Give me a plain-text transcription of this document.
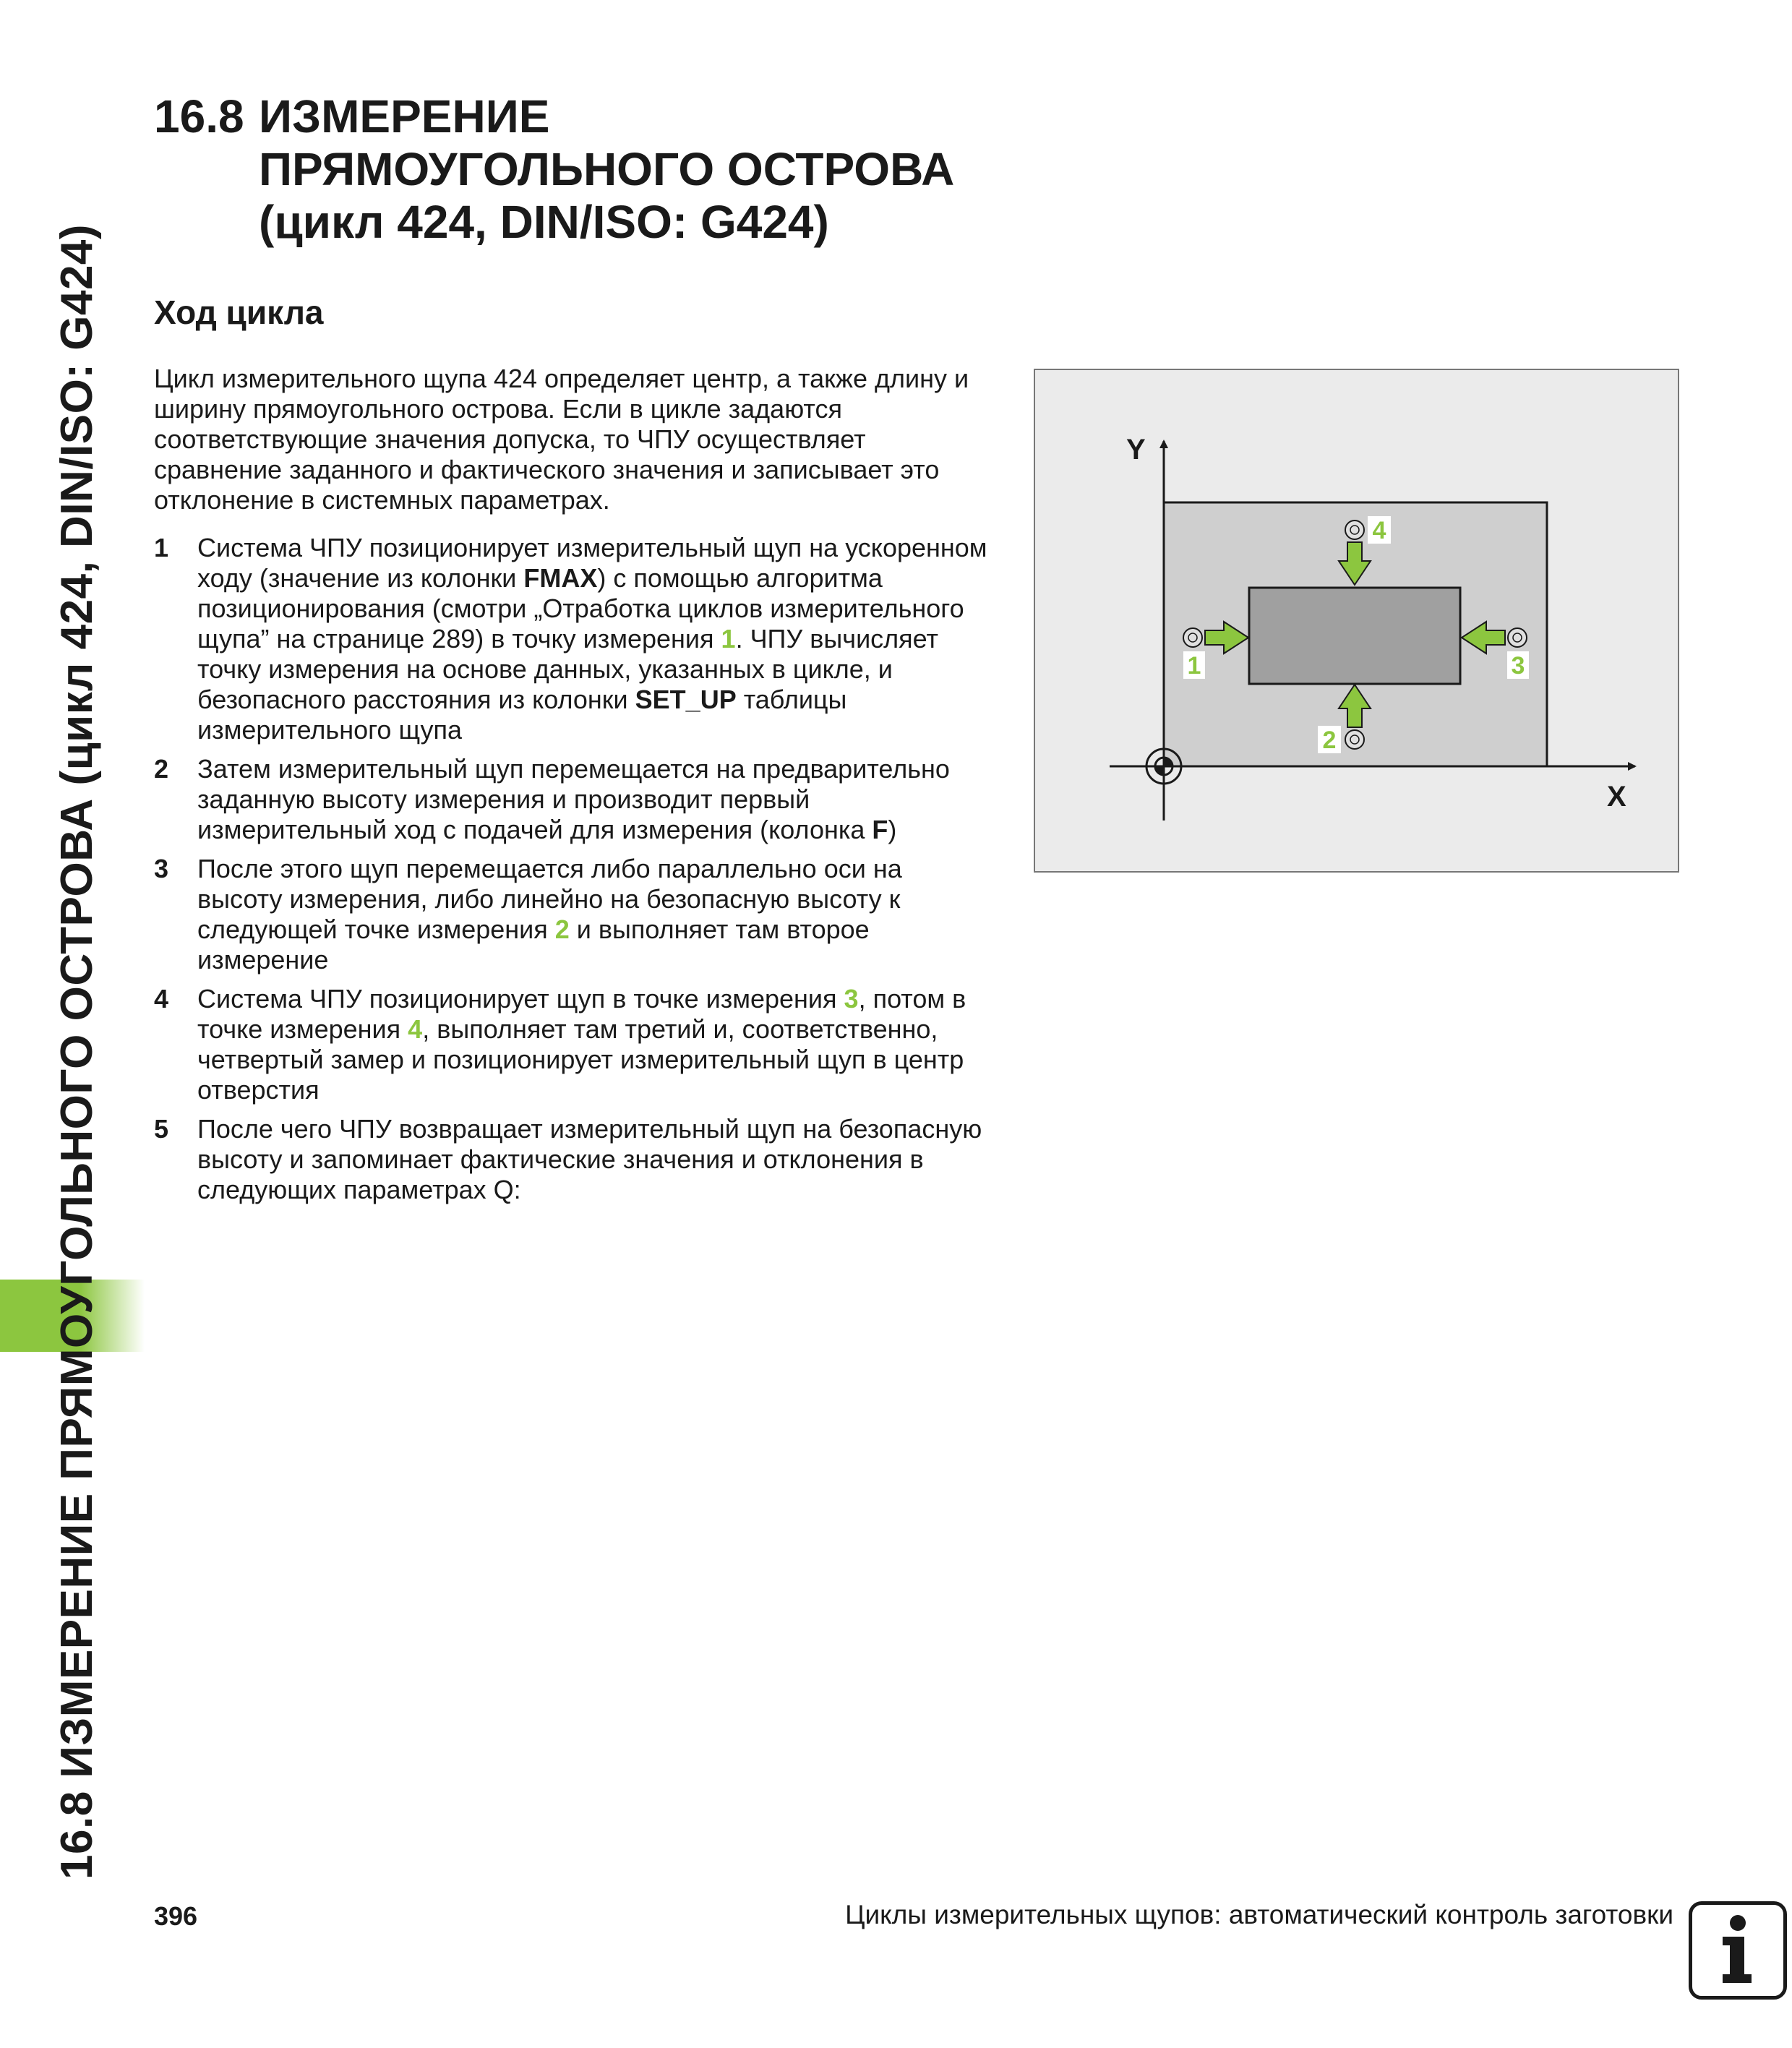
16.8 ИЗМЕРЕНИЕ ПРЯМОУГОЛЬНОГО ОСТРОВА (цикл 424, DIN/ISO: G424)
16.8 ИЗМЕРЕНИЕ
ПРЯМОУГОЛЬНОГО ОСТРОВА
(цикл 424, DIN/ISO: G424)
Ход цикла
Цикл измерительного щупа 424 определяет центр, а также длину и ширину прямоугольного острова. Если в цикле задаются соответствующие значения допуска, то ЧПУ осуществляет сравнение заданного и фактического значения и записывает это отклонение в системных параметрах.
1 Система ЧПУ позиционирует измерительный щуп на ускоренном ходу (значение из колонки FMAX) с помощью алгоритма позиционирования (смотри „Отработка циклов измерительного щупа” на странице 289) в точку измерения 1. ЧПУ вычисляет точку измерения на основе данных, указанных в цикле, и безопасного расстояния из колонки SET_UP таблицы измерительного щупа
2 Затем измерительный щуп перемещается на предварительно заданную высоту измерения и производит первый измерительный ход с подачей для измерения (колонка F)
3 После этого щуп перемещается либо параллельно оси на высоту измерения, либо линейно на безопасную высоту к следующей точке измерения 2 и выполняет там второе измерение
4 Система ЧПУ позиционирует щуп в точке измерения 3, потом в точке измерения 4, выполняет там третий и, соответственно, четвертый замер и позиционирует измерительный щуп в центр отверстия
5 После чего ЧПУ возвращает измерительный щуп на безопасную высоту и запоминает фактические значения и отклонения в следующих параметрах Q:
Y
X
1
2
3
4
396	Циклы измерительных щупов: автоматический контроль заготовки
